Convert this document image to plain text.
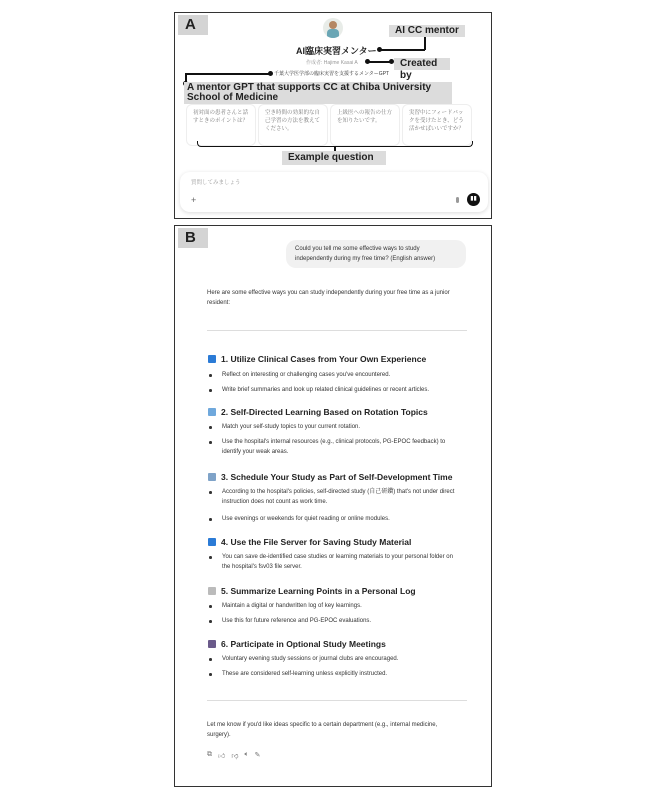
A	AI CC mentor
AI臨床実習メンター
作成者: Hajime Kasai A	Created by
千葉大学医学部の臨床実習を支援するメンターGPT
A mentor GPT that supports CC at Chiba University School of Medicine
初対面の患者さんと話すときのポイントは？
空き時間の効果的な自己学習の方法を教えてください。
上級医への報告の仕方を知りたいです。
実習中にフィードバックを受けたとき、どう活かせばいいですか？
Example question
質問してみましょう
+	▮▮
B
Could you tell me some effective ways to study independently during my free time? (English answer)
Here are some effective ways you can study independently during your free time as a junior resident:
1. Utilize Clinical Cases from Your Own Experience
Reflect on interesting or challenging cases you've encountered.
Write brief summaries and look up related clinical guidelines or recent articles.
2. Self-Directed Learning Based on Rotation Topics
Match your self-study topics to your current rotation.
Use the hospital's internal resources (e.g., clinical protocols, PG-EPOC feedback) to identify your weak areas.
3. Schedule Your Study as Part of Self-Development Time
According to the hospital's policies, self-directed study (自己研鑽) that's not under direct instruction does not count as work time.
Use evenings or weekends for quiet reading or online modules.
4. Use the File Server for Saving Study Material
You can save de-identified case studies or learning materials to your personal folder on the hospital's fsv03 file server.
5. Summarize Learning Points in a Personal Log
Maintain a digital or handwritten log of key learnings.
Use this for future reference and PG-EPOC evaluations.
6. Participate in Optional Study Meetings
Voluntary evening study sessions or journal clubs are encouraged.
These are considered self-learning unless explicitly instructed.
Let me know if you'd like ideas specific to a certain department (e.g., internal medicine, surgery).
⧉ 👍︎ 👎︎ 🔈︎ ✎
